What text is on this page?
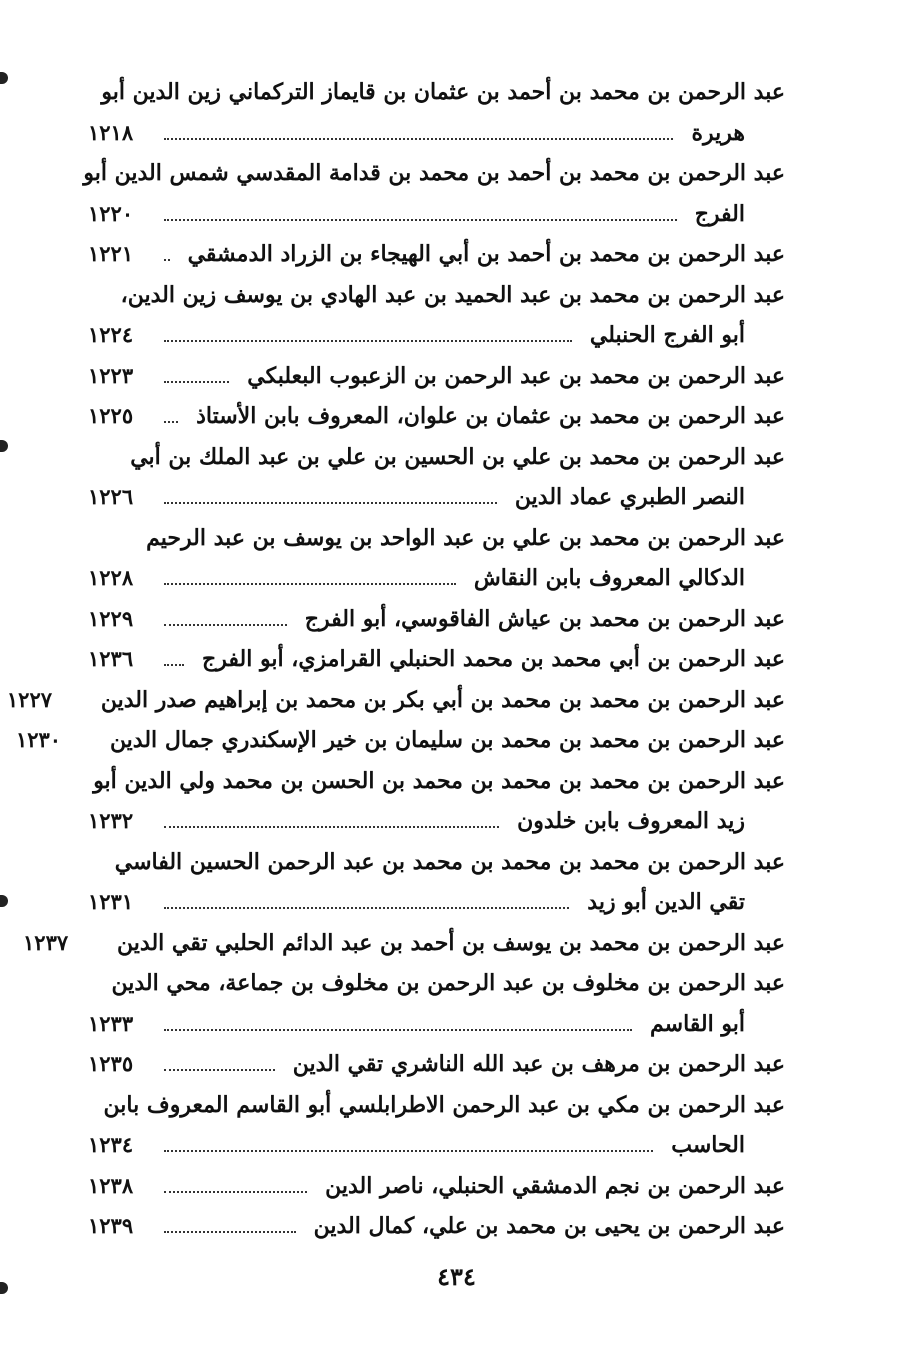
عبد الرحمن بن محمد بن أحمد بن عثمان بن قايماز التركماني زين الدين أبو
هريرة
١٢١٨
عبد الرحمن بن محمد بن أحمد بن محمد بن قدامة المقدسي شمس الدين أبو
الفرج
١٢٢٠
عبد الرحمن بن محمد بن أحمد بن أبي الهيجاء بن الزراد الدمشقي
١٢٢١
عبد الرحمن بن محمد بن عبد الحميد بن عبد الهادي بن يوسف زين الدين،
أبو الفرج الحنبلي
١٢٢٤
عبد الرحمن بن محمد بن عبد الرحمن بن الزعبوب البعلبكي
١٢٢٣
عبد الرحمن بن محمد بن عثمان بن علوان، المعروف بابن الأستاذ
١٢٢٥
عبد الرحمن بن محمد بن علي بن الحسين بن علي بن عبد الملك بن أبي
النصر الطبري عماد الدين
١٢٢٦
عبد الرحمن بن محمد بن علي بن عبد الواحد بن يوسف بن عبد الرحيم
الدكالي المعروف بابن النقاش
١٢٢٨
عبد الرحمن بن محمد بن عياش الفاقوسي، أبو الفرج
١٢٢٩
عبد الرحمن بن أبي محمد بن محمد الحنبلي القرامزي، أبو الفرج
١٢٣٦
عبد الرحمن بن محمد بن محمد بن أبي بكر بن محمد بن إبراهيم صدر الدين
١٢٢٧
عبد الرحمن بن محمد بن محمد بن سليمان بن خير الإسكندري جمال الدين
١٢٣٠
عبد الرحمن بن محمد بن محمد بن محمد بن الحسن بن محمد ولي الدين أبو
زيد المعروف بابن خلدون
١٢٣٢
عبد الرحمن بن محمد بن محمد بن محمد بن عبد الرحمن الحسين الفاسي
تقي الدين أبو زيد
١٢٣١
عبد الرحمن بن محمد بن يوسف بن أحمد بن عبد الدائم الحلبي تقي الدين
١٢٣٧
عبد الرحمن بن مخلوف بن عبد الرحمن بن مخلوف بن جماعة، محي الدين
أبو القاسم
١٢٣٣
عبد الرحمن بن مرهف بن عبد الله الناشري تقي الدين
١٢٣٥
عبد الرحمن بن مكي بن عبد الرحمن الاطرابلسي أبو القاسم المعروف بابن
الحاسب
١٢٣٤
عبد الرحمن بن نجم الدمشقي الحنبلي، ناصر الدين
١٢٣٨
عبد الرحمن بن يحيى بن محمد بن علي، كمال الدين
١٢٣٩
٤٣٤
